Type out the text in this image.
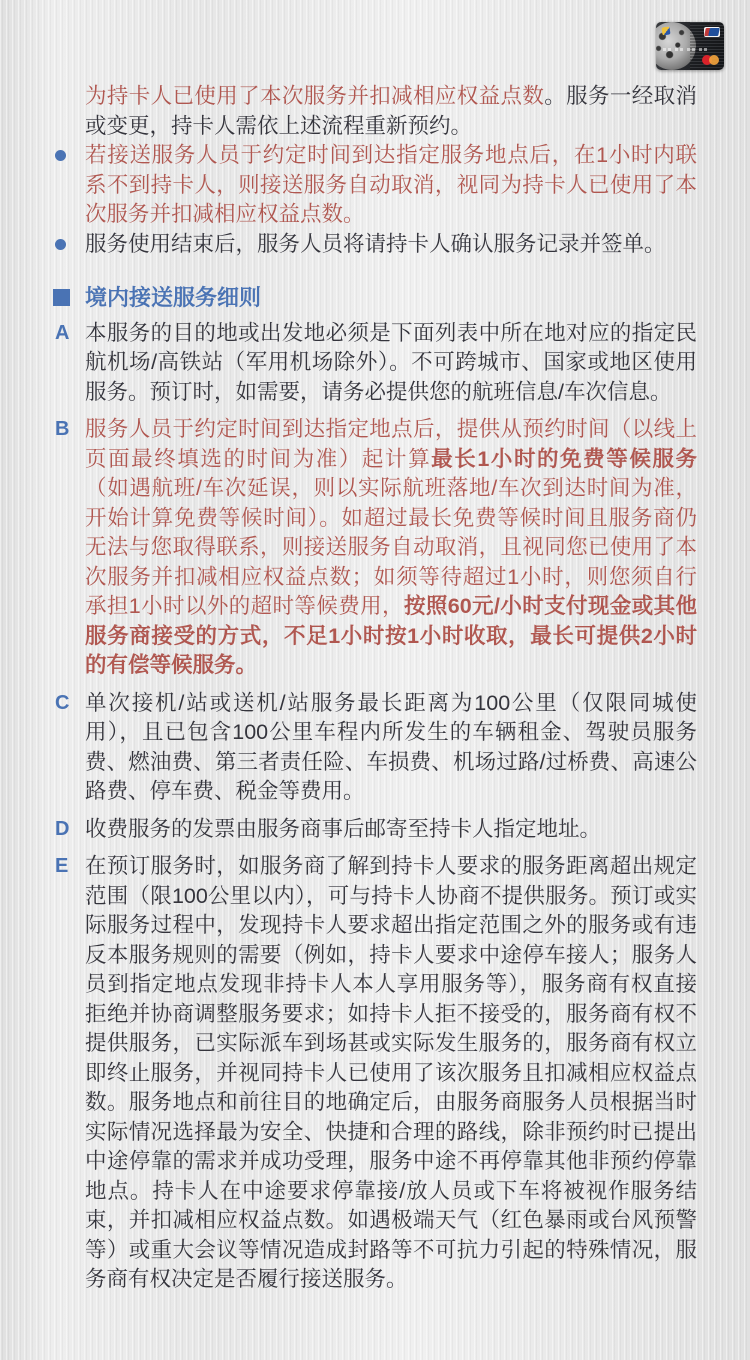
为持卡人已使用了本次服务并扣减相应权益点数。服务一经取消或变更，持卡人需依上述流程重新预约。

若接送服务人员于约定时间到达指定服务地点后，在1小时内联系不到持卡人，则接送服务自动取消，视同为持卡人已使用了本次服务并扣减相应权益点数。

服务使用结束后，服务人员将请持卡人确认服务记录并签单。

境内接送服务细则
A 本服务的目的地或出发地必须是下面列表中所在地对应的指定民航机场/高铁站（军用机场除外）。不可跨城市、国家或地区使用服务。预订时，如需要，请务必提供您的航班信息/车次信息。

B 服务人员于约定时间到达指定地点后，提供从预约时间（以线上页面最终填选的时间为准）起计算最长1小时的免费等候服务（如遇航班/车次延误，则以实际航班落地/车次到达时间为准，开始计算免费等候时间）。如超过最长免费等候时间且服务商仍无法与您取得联系，则接送服务自动取消，且视同您已使用了本次服务并扣减相应权益点数；如须等待超过1小时，则您须自行承担1小时以外的超时等候费用，按照60元/小时支付现金或其他服务商接受的方式，不足1小时按1小时收取，最长可提供2小时的有偿等候服务。

C 单次接机/站或送机/站服务最长距离为100公里（仅限同城使用），且已包含100公里车程内所发生的车辆租金、驾驶员服务费、燃油费、第三者责任险、车损费、机场过路/过桥费、高速公路费、停车费、税金等费用。

D 收费服务的发票由服务商事后邮寄至持卡人指定地址。

E 在预订服务时，如服务商了解到持卡人要求的服务距离超出规定范围（限100公里以内），可与持卡人协商不提供服务。预订或实际服务过程中，发现持卡人要求超出指定范围之外的服务或有违反本服务规则的需要（例如，持卡人要求中途停车接人；服务人员到指定地点发现非持卡人本人享用服务等），服务商有权直接拒绝并协商调整服务要求；如持卡人拒不接受的，服务商有权不提供服务，已实际派车到场甚或实际发生服务的，服务商有权立即终止服务，并视同持卡人已使用了该次服务且扣减相应权益点数。服务地点和前往目的地确定后，由服务商服务人员根据当时实际情况选择最为安全、快捷和合理的路线，除非预约时已提出中途停靠的需求并成功受理，服务中途不再停靠其他非预约停靠地点。持卡人在中途要求停靠接/放人员或下车将被视作服务结束，并扣减相应权益点数。如遇极端天气（红色暴雨或台风预警等）或重大会议等情况造成封路等不可抗力引起的特殊情况，服务商有权决定是否履行接送服务。
